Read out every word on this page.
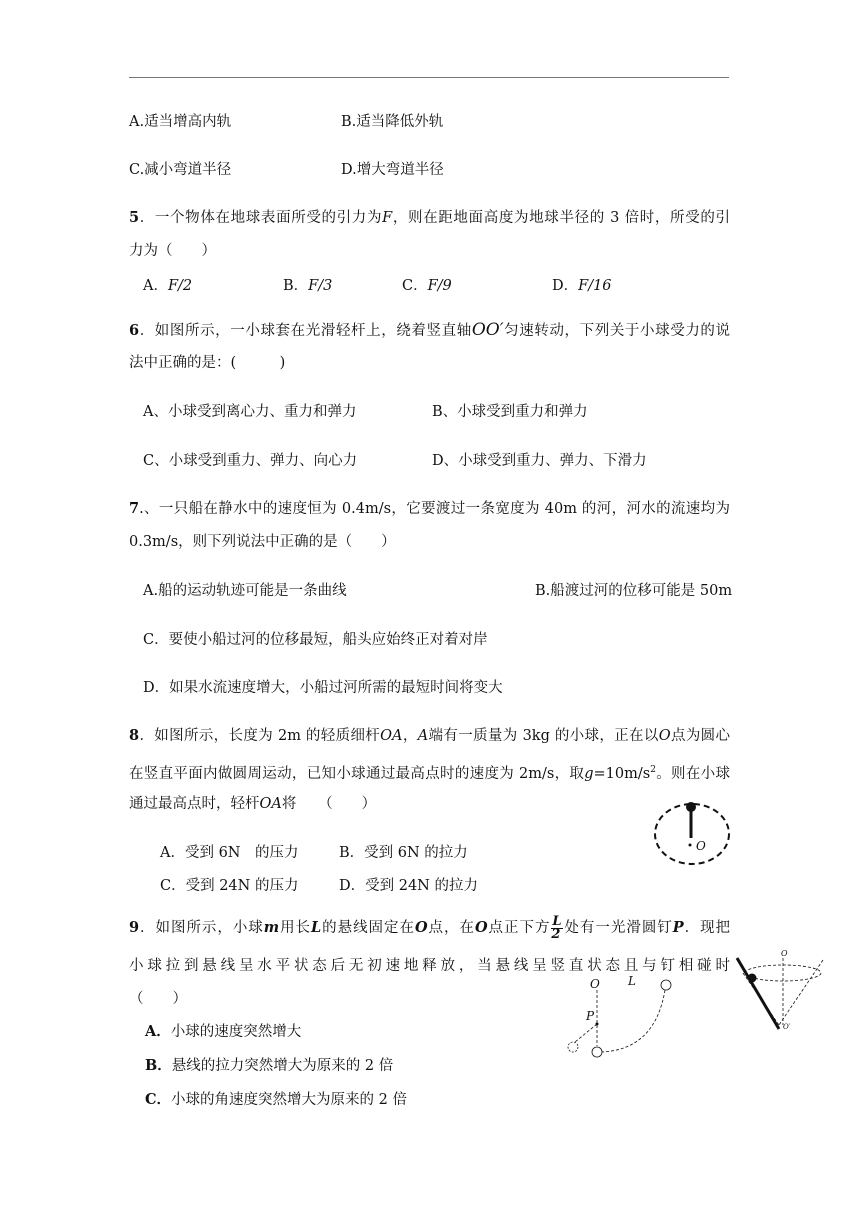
A.适当增高内轨	B.适当降低外轨
C.减小弯道半径	D.增大弯道半径
5．一个物体在地球表面所受的引力为F，则在距地面高度为地球半径的 3 倍时，所受的引
力为（　　）
A．F/2	B．F/3	C．F/9	D．F/16
6．如图所示，一小球套在光滑轻杆上，绕着竖直轴OO′匀速转动，下列关于小球受力的说
法中正确的是：(　　　)
A、小球受到离心力、重力和弹力	B、小球受到重力和弹力
C、小球受到重力、弹力、向心力	D、小球受到重力、弹力、下滑力
7.、一只船在静水中的速度恒为 0.4m/s，它要渡过一条宽度为 40m 的河，河水的流速均为
0.3m/s，则下列说法中正确的是（　　）
A.船的运动轨迹可能是一条曲线	B.船渡过河的位移可能是 50m
C．要使小船过河的位移最短，船头应始终正对着对岸
D．如果水流速度增大，小船过河所需的最短时间将变大
8．如图所示，长度为 2m 的轻质细杆OA，A端有一质量为 3kg 的小球，正在以O点为圆心
在竖直平面内做圆周运动，已知小球通过最高点时的速度为 2m/s，取$g=10m/s^2$。则在小球
通过最高点时，轻杆OA将　　（　　）
A．受到 6N　的压力	B．受到 6N 的拉力
C．受到 24N 的压力	D．受到 24N 的拉力
O
9．如图所示，小球m用长L的悬线固定在O点，在O点正下方 $\frac{L}{2}$ 处有一光滑圆钉P．现把
小球拉到悬线呈水平状态后无初速地释放，当悬线呈竖直状态且与钉相碰时
（　　）
A．小球的速度突然增大
B．悬线的拉力突然增大为原来的 2 倍
C．小球的角速度突然增大为原来的 2 倍
O L
P
O
O′
